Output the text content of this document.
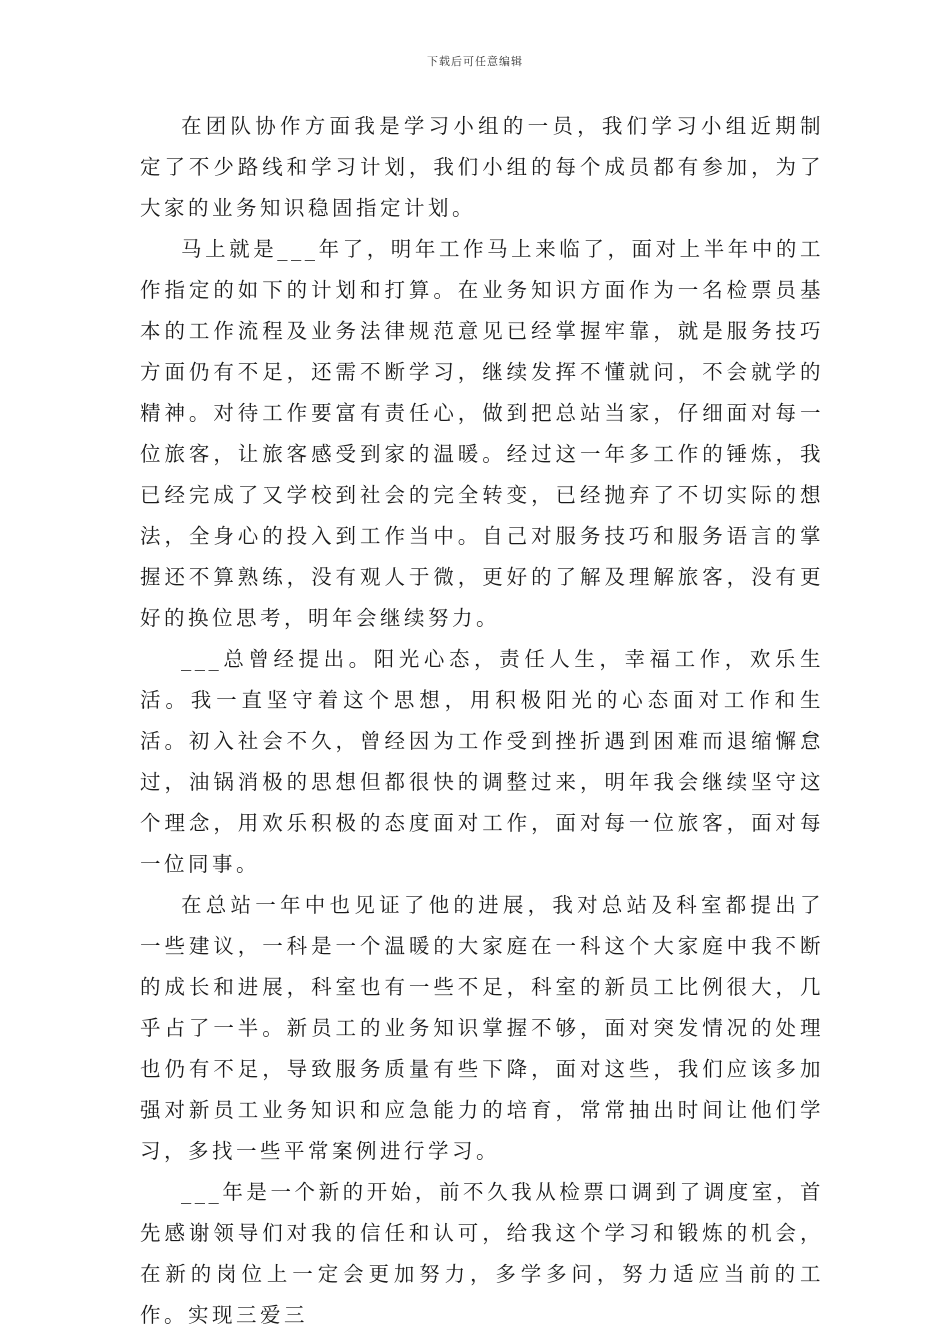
下载后可任意编辑

在团队协作方面我是学习小组的一员，我们学习小组近期制定了不少路线和学习计划，我们小组的每个成员都有参加，为了大家的业务知识稳固指定计划。

马上就是___年了，明年工作马上来临了，面对上半年中的工作指定的如下的计划和打算。在业务知识方面作为一名检票员基本的工作流程及业务法律规范意见已经掌握牢靠，就是服务技巧方面仍有不足，还需不断学习，继续发挥不懂就问，不会就学的精神。对待工作要富有责任心，做到把总站当家，仔细面对每一位旅客，让旅客感受到家的温暖。经过这一年多工作的锤炼，我已经完成了又学校到社会的完全转变，已经抛弃了不切实际的想法，全身心的投入到工作当中。自己对服务技巧和服务语言的掌握还不算熟练，没有观人于微，更好的了解及理解旅客，没有更好的换位思考，明年会继续努力。

___总曾经提出。阳光心态，责任人生，幸福工作，欢乐生活。我一直坚守着这个思想，用积极阳光的心态面对工作和生活。初入社会不久，曾经因为工作受到挫折遇到困难而退缩懈怠过，油锅消极的思想但都很快的调整过来，明年我会继续坚守这个理念，用欢乐积极的态度面对工作，面对每一位旅客，面对每一位同事。

在总站一年中也见证了他的进展，我对总站及科室都提出了一些建议，一科是一个温暖的大家庭在一科这个大家庭中我不断的成长和进展，科室也有一些不足，科室的新员工比例很大，几乎占了一半。新员工的业务知识掌握不够，面对突发情况的处理也仍有不足，导致服务质量有些下降，面对这些，我们应该多加强对新员工业务知识和应急能力的培育，常常抽出时间让他们学习，多找一些平常案例进行学习。

___年是一个新的开始，前不久我从检票口调到了调度室，首先感谢领导们对我的信任和认可，给我这个学习和锻炼的机会，在新的岗位上一定会更加努力，多学多问，努力适应当前的工作。实现三爱三
